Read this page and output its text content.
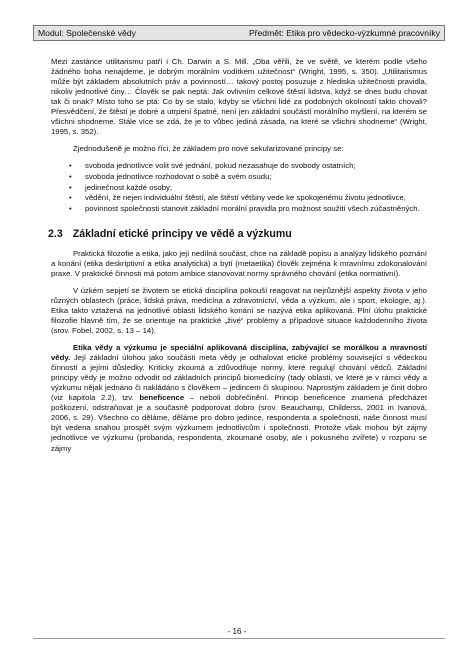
Modul: Společenské vědy	Předmět: Etika pro vědecko-výzkumné pracovníky

Mezi zastánce utilitarismu patří i Ch. Darwin a S. Mill. „Oba věřili, že ve světě, ve kterém podle všeho žádného boha nenajdeme, je dobrým morálním vodítkem užitečnost“ (Wright, 1995, s. 350). „Utilitarismus může být základem absolutních práv a povinností… takový postoj posuzuje z hlediska užitečnosti pravidla, nikoliv jednotlivé činy… Člověk se pak neptá: Jak ovlivním celkové štěstí lidstva, když se dnes budu chovat tak či onak? Místo toho se ptá: Co by se stalo, kdyby se všichni lidé za podobných okolností takto chovali? Přesvědčení, že štěstí je dobré a utrpení špatné, není jen základní součástí morálního myšlení, na kterém se všichni shodneme. Stále více se zdá, že je to vůbec jediná zásada, na které se všichni shodneme“ (Wright, 1995, s. 352).

Zjednodušeně je možno říci, že základem pro nové sekularizované principy se:

• svoboda jednotlivce volit své jednání, pokud nezasahuje do svobody ostatních;
• svoboda jednotlivce rozhodovat o sobě a svém osudu;
• jedinečnost každé osoby;
• vědění, že nejen individuální štěstí, ale štěstí většiny vede ke spokojenému životu jednotlivce,
• povinnost společnosti stanovit základní morální pravidla pro možnost soužití všech zúčastněných.
2.3 Základní etické principy ve vědě a výzkumu

Praktická filozofie a etika, jako její nedílná součást, chce na základě popisu a analýzy lidského poznání a konání (etika deskriptivní a etika analytická) a bytí (metaetika) člověk zejména k mravnímu zdokonalování praxe. V praktické činnosti má potom ambice stanovovat normy správného chování (etika normativní).

V úzkém sepjetí se životem se etická disciplína pokouší reagovat na nejrůznější aspekty života v jeho různých oblastech (práce, lidská práva, medicína a zdravotnictví, věda a výzkum, ale i sport, ekologie, aj.). Etika takto vztažená na jednotlivé oblasti lidského konání se nazývá etika aplikovaná. Plní úlohu praktické filozofie hlavně tím, že se orientuje na praktické „živé“ problémy a případové situace každodenního života (srov. Fobel, 2002, s. 13 – 14).

Etika vědy a výzkumu je speciální aplikovaná disciplína, zabývající se morálkou a mravností vědy. Její základní úlohou jako součásti meta vědy je odhalovat etické problémy související s vědeckou činností a jejími důsledky. Kriticky zkoumá a zdůvodňuje normy, které regulují chování vědců. Základní principy vědy je možno odvodit od základních principů biomedicíny (tady oblasti, ve které je v rámci vědy a výzkumu nějak jednáno či nakládáno s člověkem – jedincem či skupinou. Naprostým základem je činit dobro (viz kapitola 2.2), tzv. beneficence – neboli dobřečinění. Princip beneficence znamená předcházet poškození, odstraňovat je a současně podporovat dobro (srov. Beauchamp, Childerss, 2001 in Ivanová, 2006, s. 29). Všechno co děláme, děláme pro dobro jedince, respondenta a společnosti, naše činnost musí být vedena snahou prospět svým výzkumem jednotlivcům i společnosti. Protože však mohou být zájmy jednotlivce ve výzkumu (probanda, respondenta, zkoumané osoby, ale i pokusného zvířete) v rozporu se zájmy

- 16 -
